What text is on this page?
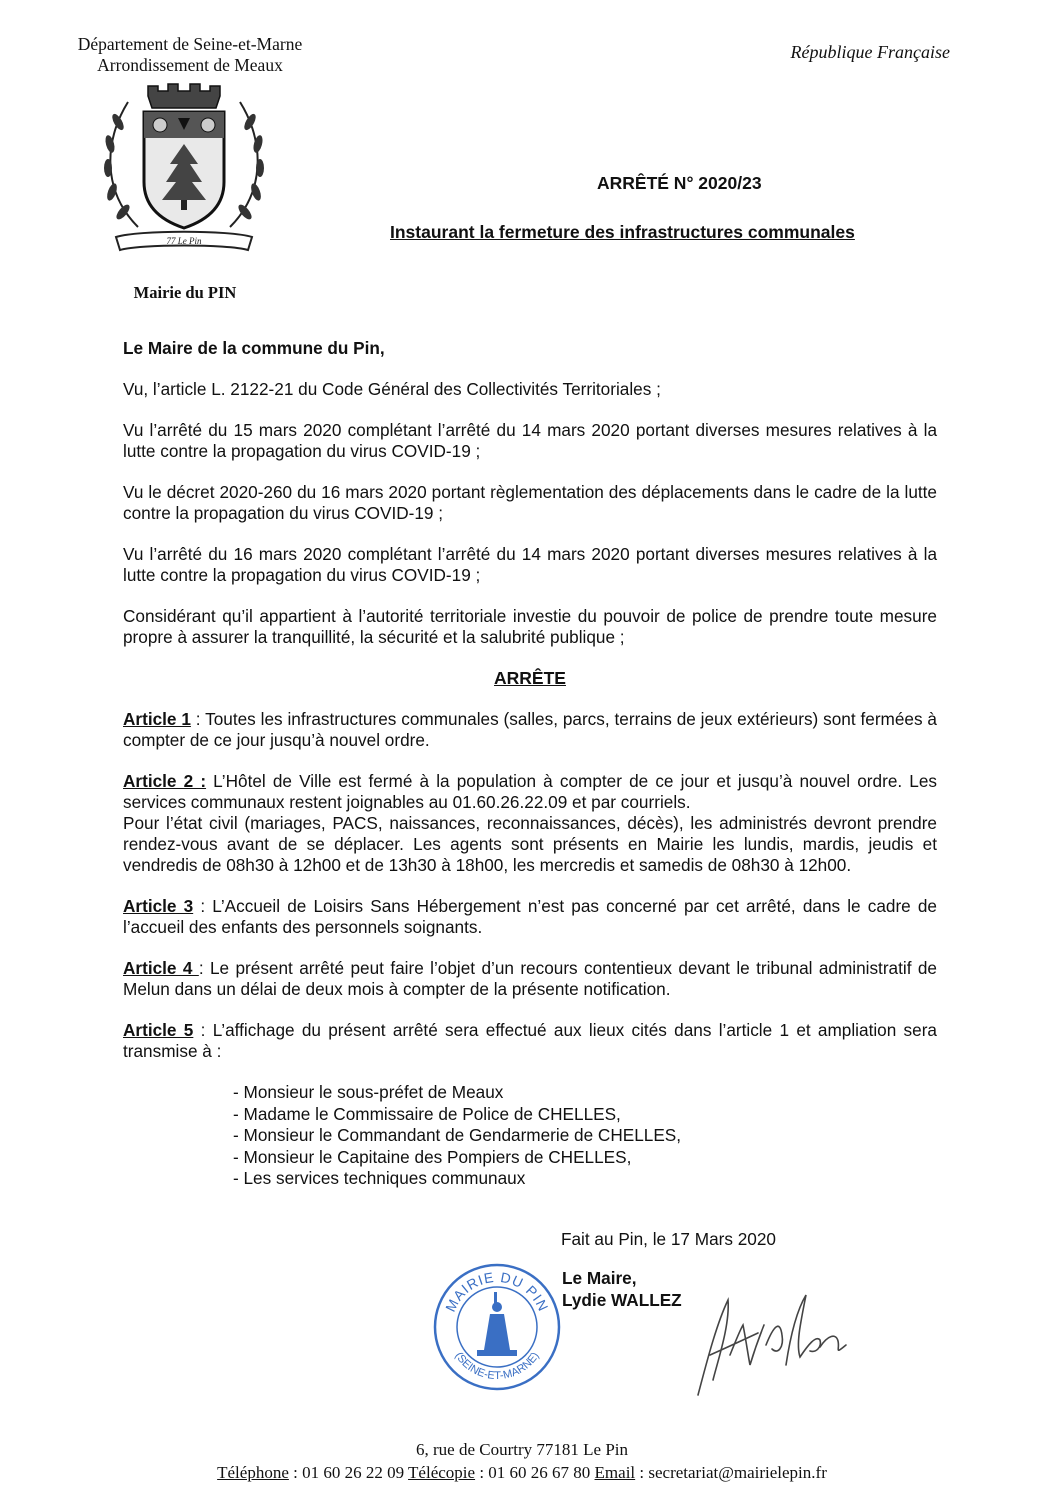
Département de Seine-et-Marne
Arrondissement de Meaux
République Française
77 Le Pin
Mairie du PIN
ARRÊTÉ N° 2020/23
Instaurant la fermeture des infrastructures communales

Le Maire de la commune du Pin,

Vu, l’article L. 2122-21 du Code Général des Collectivités Territoriales ;

Vu l’arrêté du 15 mars 2020 complétant l’arrêté du 14 mars 2020 portant diverses mesures relatives à la lutte contre la propagation du virus COVID-19 ;

Vu le décret 2020-260 du 16 mars 2020 portant règlementation des déplacements dans le cadre de la lutte contre la propagation du virus COVID-19 ;

Vu l’arrêté du 16 mars 2020 complétant l’arrêté du 14 mars 2020 portant diverses mesures relatives à la lutte contre la propagation du virus COVID-19 ;

Considérant qu’il appartient à l’autorité territoriale investie du pouvoir de police de prendre toute mesure propre à assurer la tranquillité, la sécurité et la salubrité publique ;

ARRÊTE

Article 1 : Toutes les infrastructures communales (salles, parcs, terrains de jeux extérieurs) sont fermées à compter de ce jour jusqu’à nouvel ordre.

Article 2 : L’Hôtel de Ville est fermé à la population à compter de ce jour et jusqu’à nouvel ordre. Les services communaux restent joignables au 01.60.26.22.09 et par courriels.

Pour l’état civil (mariages, PACS, naissances, reconnaissances, décès), les administrés devront prendre rendez-vous avant de se déplacer. Les agents sont présents en Mairie les lundis, mardis, jeudis et vendredis de 08h30 à 12h00 et de 13h30 à 18h00, les mercredis et samedis de 08h30 à 12h00.

Article 3 : L’Accueil de Loisirs Sans Hébergement n’est pas concerné par cet arrêté, dans le cadre de l’accueil des enfants des personnels soignants.

Article 4 : Le présent arrêté peut faire l’objet d’un recours contentieux devant le tribunal administratif de Melun dans un délai de deux mois à compter de la présente notification.

Article 5 : L’affichage du présent arrêté sera effectué aux lieux cités dans l’article 1 et ampliation sera transmise à :

- Monsieur le sous-préfet de Meaux
- Madame le Commissaire de Police de CHELLES,
- Monsieur le Commandant de Gendarmerie de CHELLES,
- Monsieur le Capitaine des Pompiers de CHELLES,
- Les services techniques communaux
Fait au Pin, le 17 Mars 2020
MAIRIE DU PIN
(SEINE-ET-MARNE)
Le Maire,
Lydie WALLEZ
6, rue de Courtry 77181 Le Pin
Téléphone : 01 60 26 22 09 Télécopie : 01 60 26 67 80 Email : secretariat@mairielepin.fr
